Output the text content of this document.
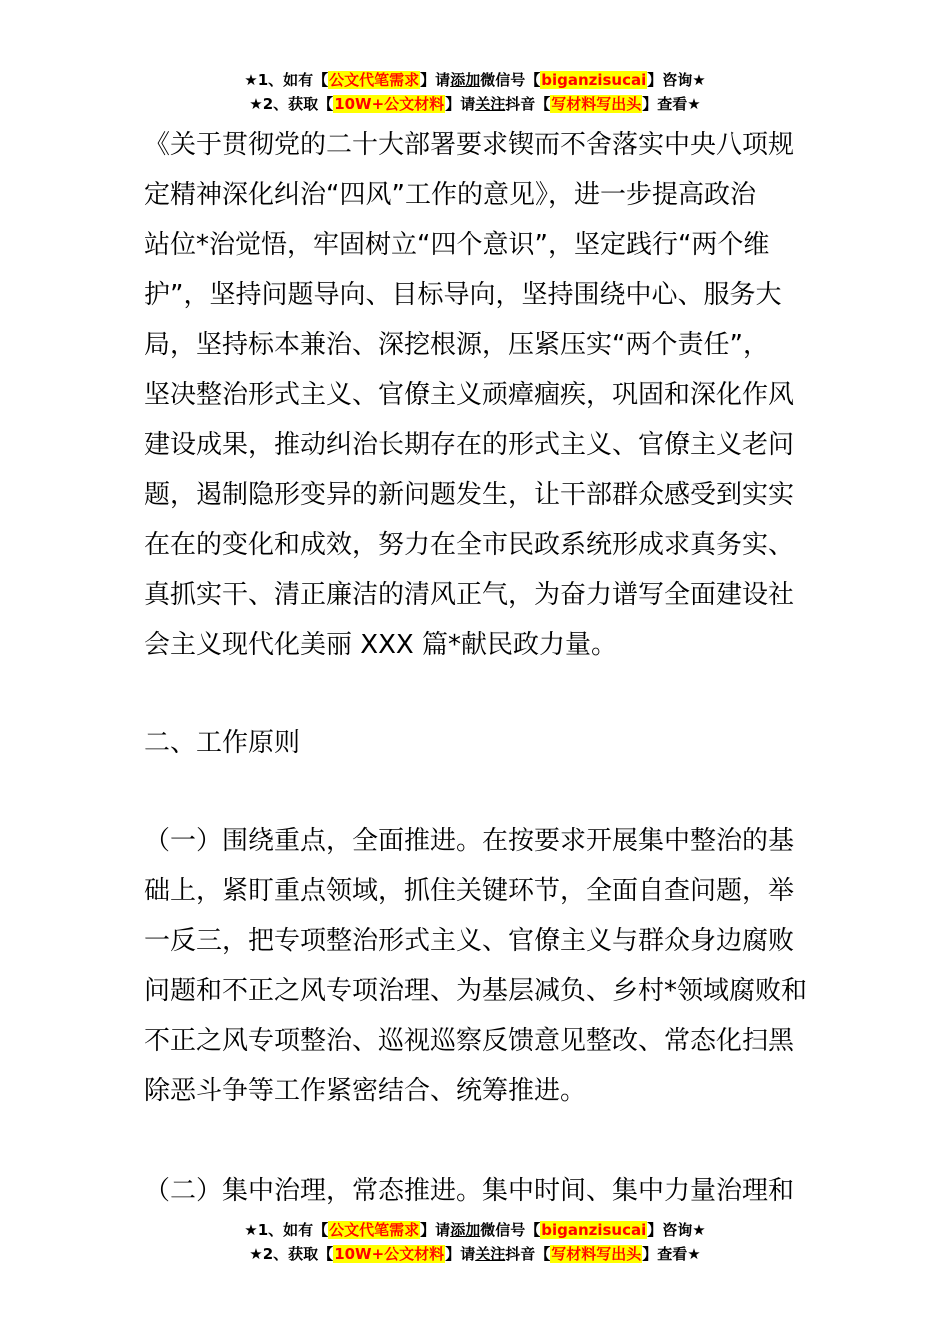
★1、如有【公文代笔需求】请添加微信号【biganzisucai】咨询★
★2、获取【10W+公文材料】请关注抖音【写材料写出头】查看★
《关于贯彻党的二十大部署要求锲而不舍落实中央八项规
定精神深化纠治“四风”工作的意见》，进一步提高政治
站位*治觉悟，牢固树立“四个意识”，坚定践行“两个维
护”，坚持问题导向、目标导向，坚持围绕中心、服务大
局，坚持标本兼治、深挖根源，压紧压实“两个责任”，
坚决整治形式主义、官僚主义顽瘴痼疾，巩固和深化作风
建设成果，推动纠治长期存在的形式主义、官僚主义老问
题，遏制隐形变异的新问题发生，让干部群众感受到实实
在在的变化和成效，努力在全市民政系统形成求真务实、
真抓实干、清正廉洁的清风正气，为奋力谱写全面建设社
会主义现代化美丽 XXX 篇*献民政力量。
二、工作原则
（一）围绕重点，全面推进。在按要求开展集中整治的基
础上，紧盯重点领域，抓住关键环节，全面自查问题，举
一反三，把专项整治形式主义、官僚主义与群众身边腐败
问题和不正之风专项治理、为基层减负、乡村*领域腐败和
不正之风专项整治、巡视巡察反馈意见整改、常态化扫黑
除恶斗争等工作紧密结合、统筹推进。
（二）集中治理，常态推进。集中时间、集中力量治理和
★1、如有【公文代笔需求】请添加微信号【biganzisucai】咨询★
★2、获取【10W+公文材料】请关注抖音【写材料写出头】查看★
